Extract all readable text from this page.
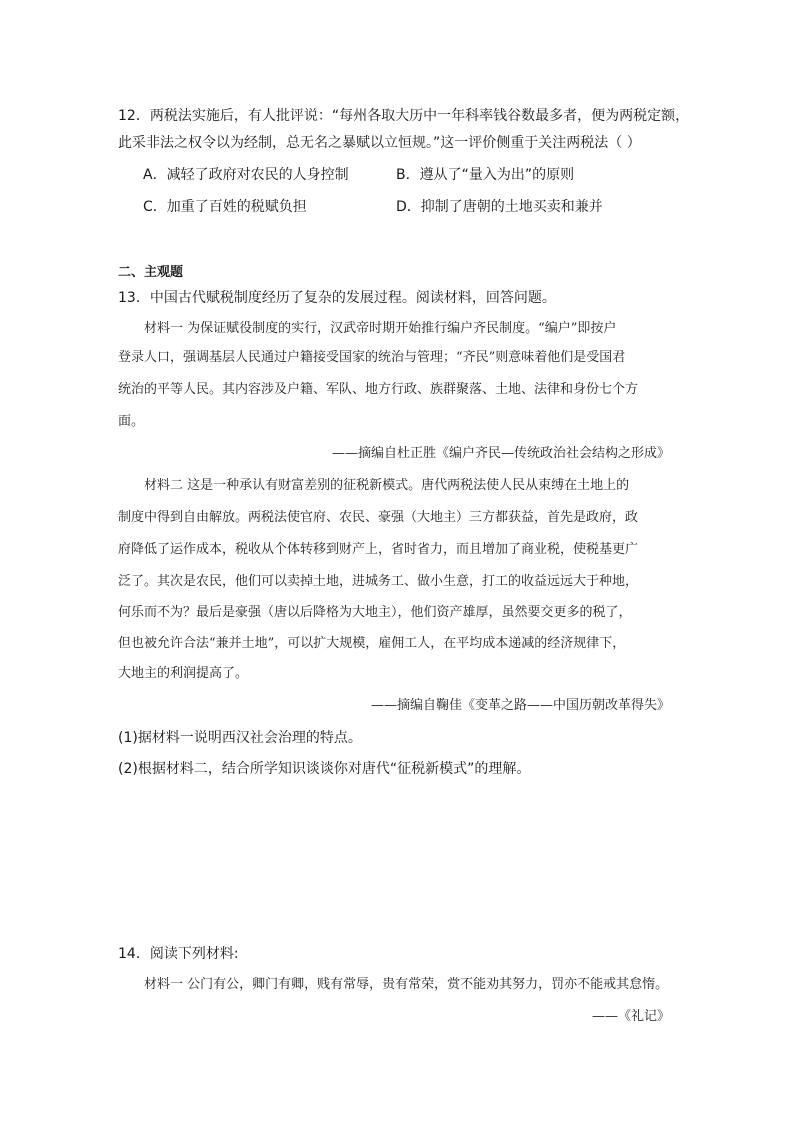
12．两税法实施后，有人批评说：“每州各取大历中一年科率钱谷数最多者，便为两税定额，
此采非法之权令以为经制，总无名之暴赋以立恒规。”这一评价侧重于关注两税法（ ）
A．减轻了政府对农民的人身控制	B．遵从了“量入为出”的原则
C．加重了百姓的税赋负担	D．抑制了唐朝的土地买卖和兼并
二、主观题
13．中国古代赋税制度经历了复杂的发展过程。阅读材料，回答问题。
材料一 为保证赋役制度的实行，汉武帝时期开始推行编户齐民制度。“编户”即按户
登录人口，强调基层人民通过户籍接受国家的统治与管理；“齐民”则意味着他们是受国君
统治的平等人民。其内容涉及户籍、军队、地方行政、族群聚落、土地、法律和身份七个方
面。
——摘编自杜正胜《编户齐民—传统政治社会结构之形成》
材料二 这是一种承认有财富差别的征税新模式。唐代两税法使人民从束缚在土地上的
制度中得到自由解放。两税法使官府、农民、豪强（大地主）三方都获益，首先是政府，政
府降低了运作成本，税收从个体转移到财产上，省时省力，而且增加了商业税，使税基更广
泛了。其次是农民，他们可以卖掉土地，进城务工、做小生意，打工的收益远远大于种地，
何乐而不为？最后是豪强（唐以后降格为大地主），他们资产雄厚，虽然要交更多的税了，
但也被允许合法“兼并土地”，可以扩大规模，雇佣工人，在平均成本递减的经济规律下，
大地主的利润提高了。
——摘编自鞠佳《变革之路——中国历朝改革得失》
(1)据材料一说明西汉社会治理的特点。
(2)根据材料二，结合所学知识谈谈你对唐代“征税新模式”的理解。
14．阅读下列材料:
材料一 公门有公，卿门有卿，贱有常辱，贵有常荣，赏不能劝其努力，罚亦不能戒其怠惰。
——《礼记》
